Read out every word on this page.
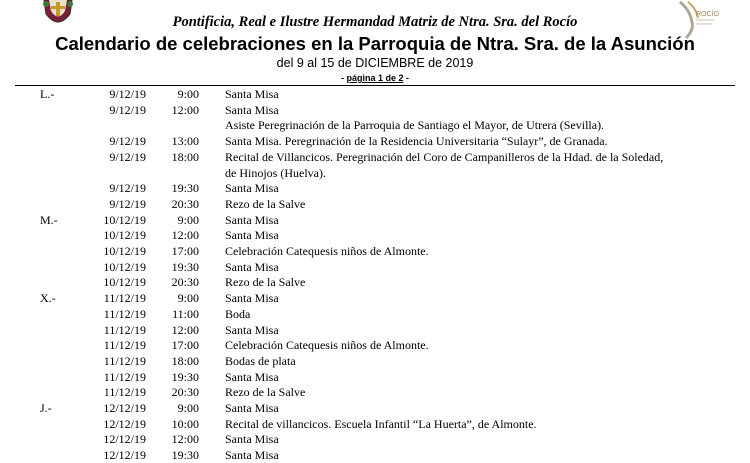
ROCÍO
Pontificia, Real e Ilustre Hermandad Matriz de Ntra. Sra. del Rocío
Calendario de celebraciones en la Parroquia de Ntra. Sra. de la Asunción
del 9 al 15 de DICIEMBRE de 2019
- página 1 de 2 -
L.-	9/12/19	9:00 Santa Misa
9/12/19 12:00 Santa Misa
Asiste Peregrinación de la Parroquia de Santiago el Mayor, de Utrera (Sevilla).
9/12/19 13:00 Santa Misa. Peregrinación de la Residencia Universitaria “Sulayr”, de Granada.
9/12/19 18:00 Recital de Villancicos. Peregrinación del Coro de Campanilleros de la Hdad. de la Soledad,
de Hinojos (Huelva).
9/12/19 19:30 Santa Misa
9/12/19 20:30 Rezo de la Salve
M.-	10/12/19	9:00 Santa Misa
10/12/19 12:00 Santa Misa
10/12/19 17:00 Celebración Catequesis niños de Almonte.
10/12/19 19:30 Santa Misa
10/12/19 20:30 Rezo de la Salve
X.-	11/12/19	9:00 Santa Misa
11/12/19 11:00 Boda
11/12/19 12:00 Santa Misa
11/12/19 17:00 Celebración Catequesis niños de Almonte.
11/12/19 18:00 Bodas de plata
11/12/19 19:30 Santa Misa
11/12/19 20:30 Rezo de la Salve
J.-	12/12/19	9:00 Santa Misa
12/12/19 10:00 Recital de villancicos. Escuela Infantil “La Huerta”, de Almonte.
12/12/19 12:00 Santa Misa
12/12/19 19:30 Santa Misa
